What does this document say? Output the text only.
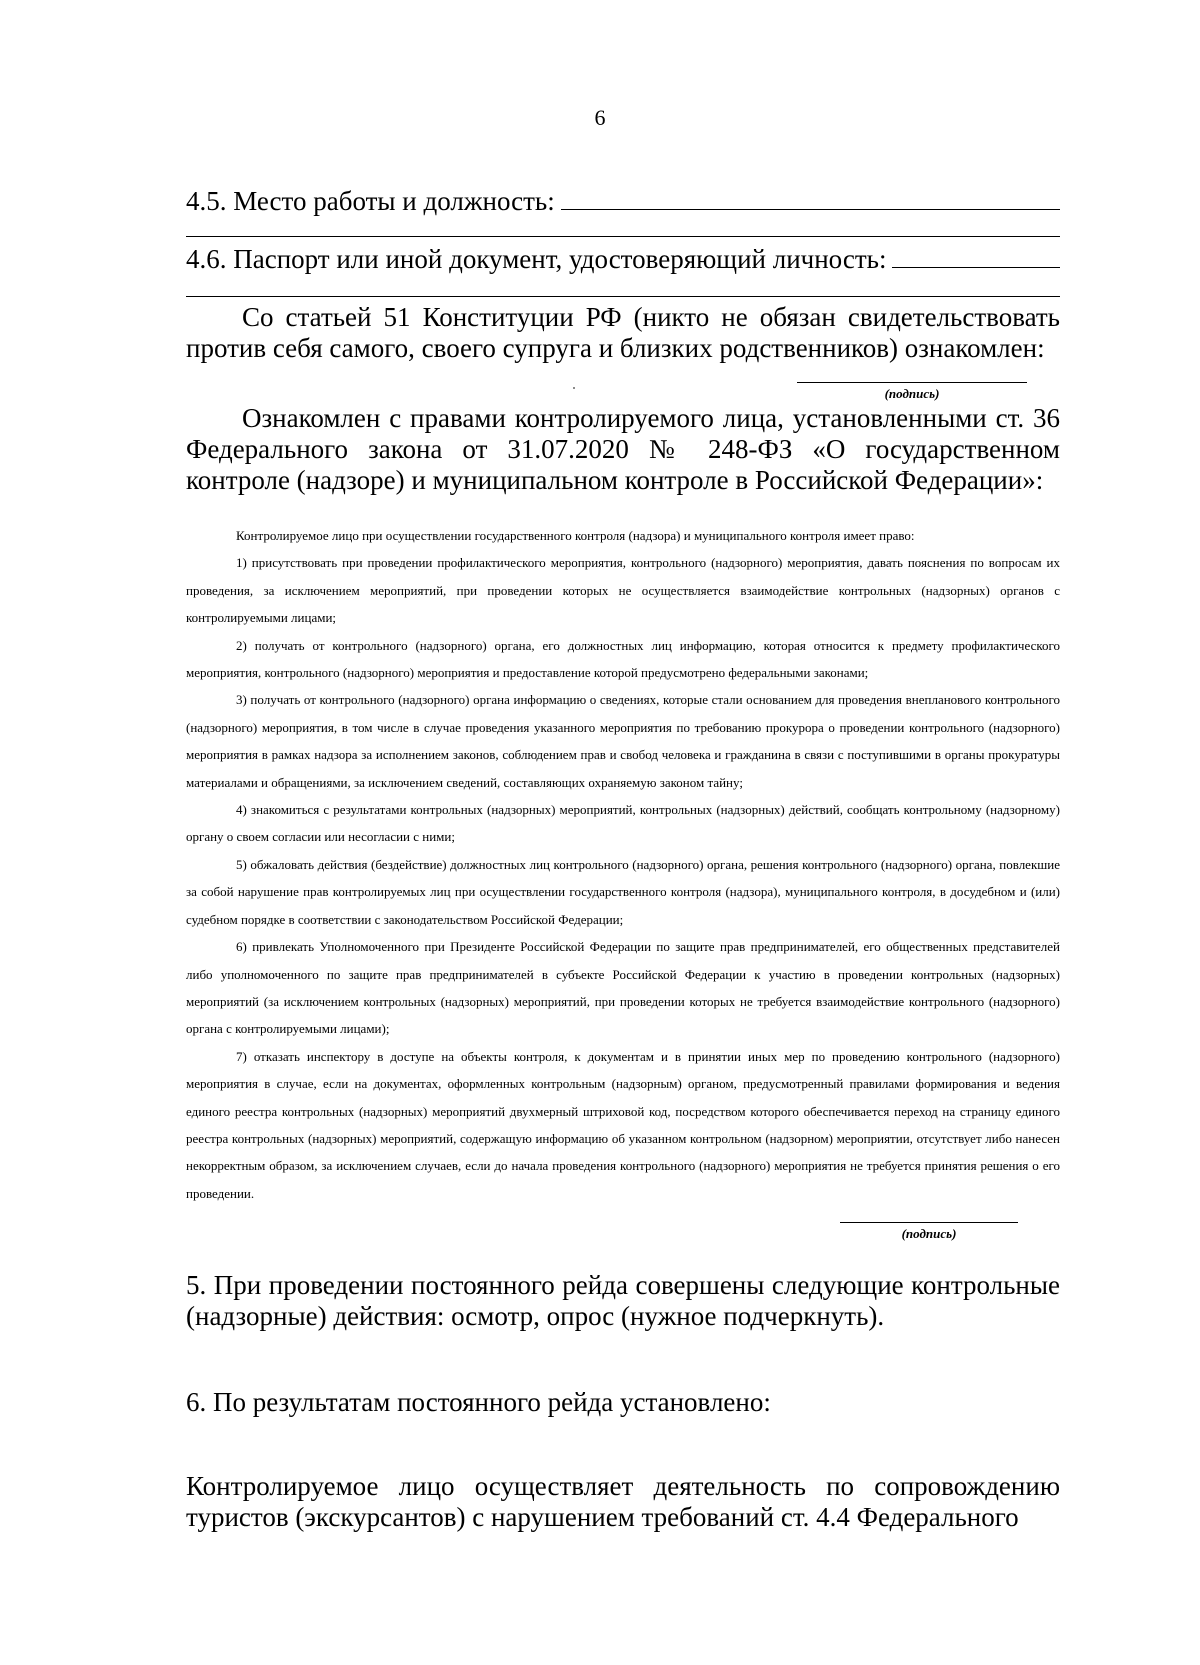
6
4.5. Место работы и должность:
4.6. Паспорт или иной документ, удостоверяющий личность:
Со статьей 51 Конституции РФ (никто не обязан свидетельствовать против себя самого, своего супруга и близких родственников) ознакомлен:
(подпись)
Ознакомлен с правами контролируемого лица, установленными ст. 36 Федерального закона от 31.07.2020 № 248-ФЗ «О государственном контроле (надзоре) и муниципальном контроле в Российской Федерации»:

Контролируемое лицо при осуществлении государственного контроля (надзора) и муниципального контроля имеет право:

1) присутствовать при проведении профилактического мероприятия, контрольного (надзорного) мероприятия, давать пояснения по вопросам их проведения, за исключением мероприятий, при проведении которых не осуществляется взаимодействие контрольных (надзорных) органов с контролируемыми лицами;

2) получать от контрольного (надзорного) органа, его должностных лиц информацию, которая относится к предмету профилактического мероприятия, контрольного (надзорного) мероприятия и предоставление которой предусмотрено федеральными законами;

3) получать от контрольного (надзорного) органа информацию о сведениях, которые стали основанием для проведения внепланового контрольного (надзорного) мероприятия, в том числе в случае проведения указанного мероприятия по требованию прокурора о проведении контрольного (надзорного) мероприятия в рамках надзора за исполнением законов, соблюдением прав и свобод человека и гражданина в связи с поступившими в органы прокуратуры материалами и обращениями, за исключением сведений, составляющих охраняемую законом тайну;

4) знакомиться с результатами контрольных (надзорных) мероприятий, контрольных (надзорных) действий, сообщать контрольному (надзорному) органу о своем согласии или несогласии с ними;

5) обжаловать действия (бездействие) должностных лиц контрольного (надзорного) органа, решения контрольного (надзорного) органа, повлекшие за собой нарушение прав контролируемых лиц при осуществлении государственного контроля (надзора), муниципального контроля, в досудебном и (или) судебном порядке в соответствии с законодательством Российской Федерации;

6) привлекать Уполномоченного при Президенте Российской Федерации по защите прав предпринимателей, его общественных представителей либо уполномоченного по защите прав предпринимателей в субъекте Российской Федерации к участию в проведении контрольных (надзорных) мероприятий (за исключением контрольных (надзорных) мероприятий, при проведении которых не требуется взаимодействие контрольного (надзорного) органа с контролируемыми лицами);

7) отказать инспектору в доступе на объекты контроля, к документам и в принятии иных мер по проведению контрольного (надзорного) мероприятия в случае, если на документах, оформленных контрольным (надзорным) органом, предусмотренный правилами формирования и ведения единого реестра контрольных (надзорных) мероприятий двухмерный штриховой код, посредством которого обеспечивается переход на страницу единого реестра контрольных (надзорных) мероприятий, содержащую информацию об указанном контрольном (надзорном) мероприятии, отсутствует либо нанесен некорректным образом, за исключением случаев, если до начала проведения контрольного (надзорного) мероприятия не требуется принятия решения о его проведении.

(подпись)
5. При проведении постоянного рейда совершены следующие контрольные (надзорные) действия: осмотр, опрос (нужное подчеркнуть).
6. По результатам постоянного рейда установлено:
Контролируемое лицо осуществляет деятельность по сопровождению туристов (экскурсантов) с нарушением требований ст. 4.4 Федерального
